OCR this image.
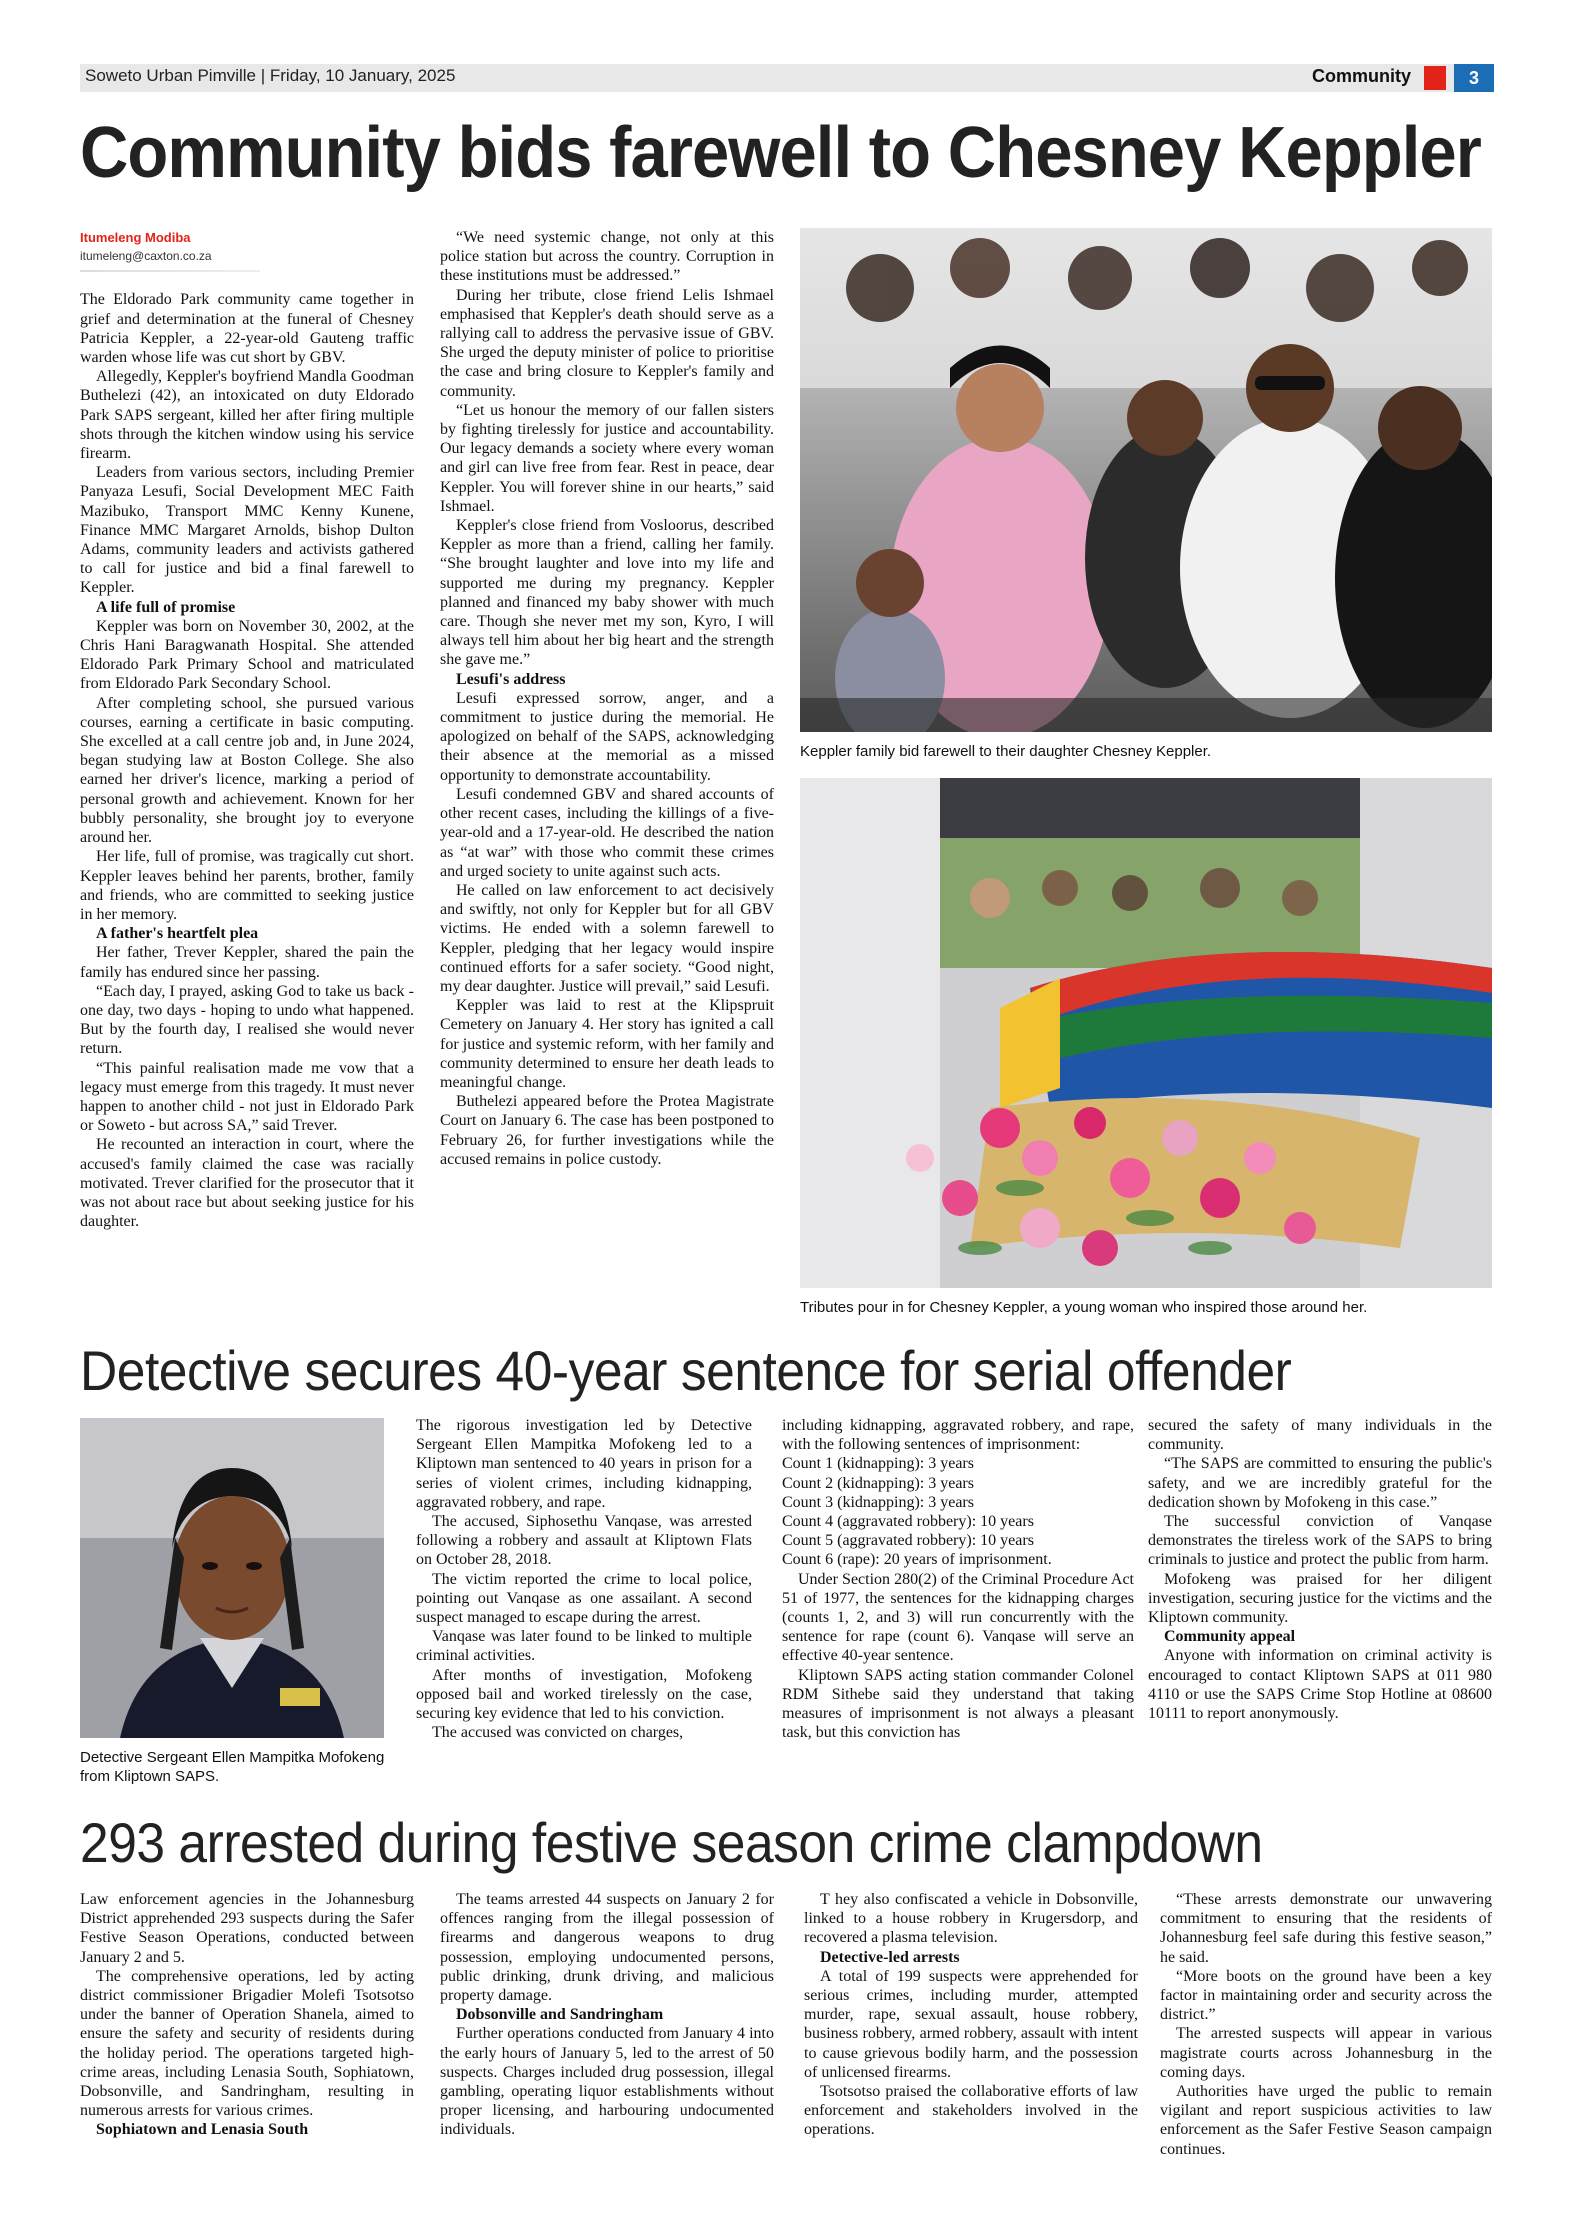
Soweto Urban Pimville | Friday, 10 January, 2025	Community	3
Community bids farewell to Chesney Keppler
Itumeleng Modiba
itumeleng@caxton.co.za

The Eldorado Park community came together in grief and determination at the funeral of Chesney Patricia Keppler, a 22-year-old Gauteng traffic warden whose life was cut short by GBV.

Allegedly, Keppler's boyfriend Mandla Goodman Buthelezi (42), an intoxicated on duty Eldorado Park SAPS sergeant, killed her after firing multiple shots through the kitchen window using his service firearm.

Leaders from various sectors, including Premier Panyaza Lesufi, Social Development MEC Faith Mazibuko, Transport MMC Kenny Kunene, Finance MMC Margaret Arnolds, bishop Dulton Adams, community leaders and activists gathered to call for justice and bid a final farewell to Keppler.

A life full of promise

Keppler was born on November 30, 2002, at the Chris Hani Baragwanath Hospital. She attended Eldorado Park Primary School and matriculated from Eldorado Park Secondary School.

After completing school, she pursued various courses, earning a certificate in basic computing. She excelled at a call centre job and, in June 2024, began studying law at Boston College. She also earned her driver's licence, marking a period of personal growth and achievement. Known for her bubbly personality, she brought joy to everyone around her.

Her life, full of promise, was tragically cut short. Keppler leaves behind her parents, brother, family and friends, who are committed to seeking justice in her memory.

A father's heartfelt plea

Her father, Trever Keppler, shared the pain the family has endured since her passing.

“Each day, I prayed, asking God to take us back - one day, two days - hoping to undo what happened. But by the fourth day, I realised she would never return.

“This painful realisation made me vow that a legacy must emerge from this tragedy. It must never happen to another child - not just in Eldorado Park or Soweto - but across SA,” said Trever.

He recounted an interaction in court, where the accused's family claimed the case was racially motivated. Trever clarified for the prosecutor that it was not about race but about seeking justice for his daughter.

“We need systemic change, not only at this police station but across the country. Corruption in these institutions must be addressed.”

During her tribute, close friend Lelis Ishmael emphasised that Keppler's death should serve as a rallying call to address the pervasive issue of GBV. She urged the deputy minister of police to prioritise the case and bring closure to Keppler's family and community.

“Let us honour the memory of our fallen sisters by fighting tirelessly for justice and accountability. Our legacy demands a society where every woman and girl can live free from fear. Rest in peace, dear Keppler. You will forever shine in our hearts,” said Ishmael.

Keppler's close friend from Vosloorus, described Keppler as more than a friend, calling her family. “She brought laughter and love into my life and supported me during my pregnancy. Keppler planned and financed my baby shower with much care. Though she never met my son, Kyro, I will always tell him about her big heart and the strength she gave me.”

Lesufi's address

Lesufi expressed sorrow, anger, and a commitment to justice during the memorial. He apologized on behalf of the SAPS, acknowledging their absence at the memorial as a missed opportunity to demonstrate accountability.

Lesufi condemned GBV and shared accounts of other recent cases, including the killings of a five-year-old and a 17-year-old. He described the nation as “at war” with those who commit these crimes and urged society to unite against such acts.

He called on law enforcement to act decisively and swiftly, not only for Keppler but for all GBV victims. He ended with a solemn farewell to Keppler, pledging that her legacy would inspire continued efforts for a safer society. “Good night, my dear daughter. Justice will prevail,” said Lesufi.

Keppler was laid to rest at the Klipspruit Cemetery on January 4. Her story has ignited a call for justice and systemic reform, with her family and community determined to ensure her death leads to meaningful change.

Buthelezi appeared before the Protea Magistrate Court on January 6. The case has been postponed to February 26, for further investigations while the accused remains in police custody.

Keppler family bid farewell to their daughter Chesney Keppler.
Tributes pour in for Chesney Keppler, a young woman who inspired those around her.
Detective secures 40-year sentence for serial offender
Detective Sergeant Ellen Mampitka Mofokeng from Kliptown SAPS.

The rigorous investigation led by Detective Sergeant Ellen Mampitka Mofokeng led to a Kliptown man sentenced to 40 years in prison for a series of violent crimes, including kidnapping, aggravated robbery, and rape.

The accused, Siphosethu Vanqase, was arrested following a robbery and assault at Kliptown Flats on October 28, 2018.

The victim reported the crime to local police, pointing out Vanqase as one assailant. A second suspect managed to escape during the arrest.

Vanqase was later found to be linked to multiple criminal activities.

After months of investigation, Mofokeng opposed bail and worked tirelessly on the case, securing key evidence that led to his conviction.

The accused was convicted on charges,

including kidnapping, aggravated robbery, and rape, with the following sentences of imprisonment:

Count 1 (kidnapping): 3 years
Count 2 (kidnapping): 3 years
Count 3 (kidnapping): 3 years
Count 4 (aggravated robbery): 10 years
Count 5 (aggravated robbery): 10 years
Count 6 (rape): 20 years of imprisonment.

Under Section 280(2) of the Criminal Procedure Act 51 of 1977, the sentences for the kidnapping charges (counts 1, 2, and 3) will run concurrently with the sentence for rape (count 6). Vanqase will serve an effective 40-year sentence.

Kliptown SAPS acting station commander Colonel RDM Sithebe said they understand that taking measures of imprisonment is not always a pleasant task, but this conviction has

secured the safety of many individuals in the community.

“The SAPS are committed to ensuring the public's safety, and we are incredibly grateful for the dedication shown by Mofokeng in this case.”

The successful conviction of Vanqase demonstrates the tireless work of the SAPS to bring criminals to justice and protect the public from harm.

Mofokeng was praised for her diligent investigation, securing justice for the victims and the Kliptown community.

Community appeal

Anyone with information on criminal activity is encouraged to contact Kliptown SAPS at 011 980 4110 or use the SAPS Crime Stop Hotline at 08600 10111 to report anonymously.

293 arrested during festive season crime clampdown

Law enforcement agencies in the Johannesburg District apprehended 293 suspects during the Safer Festive Season Operations, conducted between January 2 and 5.

The comprehensive operations, led by acting district commissioner Brigadier Molefi Tsotsotso under the banner of Operation Shanela, aimed to ensure the safety and security of residents during the holiday period. The operations targeted high-crime areas, including Lenasia South, Sophiatown, Dobsonville, and Sandringham, resulting in numerous arrests for various crimes.

Sophiatown and Lenasia South

The teams arrested 44 suspects on January 2 for offences ranging from the illegal possession of firearms and dangerous weapons to drug possession, employing undocumented persons, public drinking, drunk driving, and malicious property damage.

Dobsonville and Sandringham

Further operations conducted from January 4 into the early hours of January 5, led to the arrest of 50 suspects. Charges included drug possession, illegal gambling, operating liquor establishments without proper licensing, and harbouring undocumented individuals.

T hey also confiscated a vehicle in Dobsonville, linked to a house robbery in Krugersdorp, and recovered a plasma television.

Detective-led arrests

A total of 199 suspects were apprehended for serious crimes, including murder, attempted murder, rape, sexual assault, house robbery, business robbery, armed robbery, assault with intent to cause grievous bodily harm, and the possession of unlicensed firearms.

Tsotsotso praised the collaborative efforts of law enforcement and stakeholders involved in the operations.

“These arrests demonstrate our unwavering commitment to ensuring that the residents of Johannesburg feel safe during this festive season,” he said.

“More boots on the ground have been a key factor in maintaining order and security across the district.”

The arrested suspects will appear in various magistrate courts across Johannesburg in the coming days.

Authorities have urged the public to remain vigilant and report suspicious activities to law enforcement as the Safer Festive Season campaign continues.
